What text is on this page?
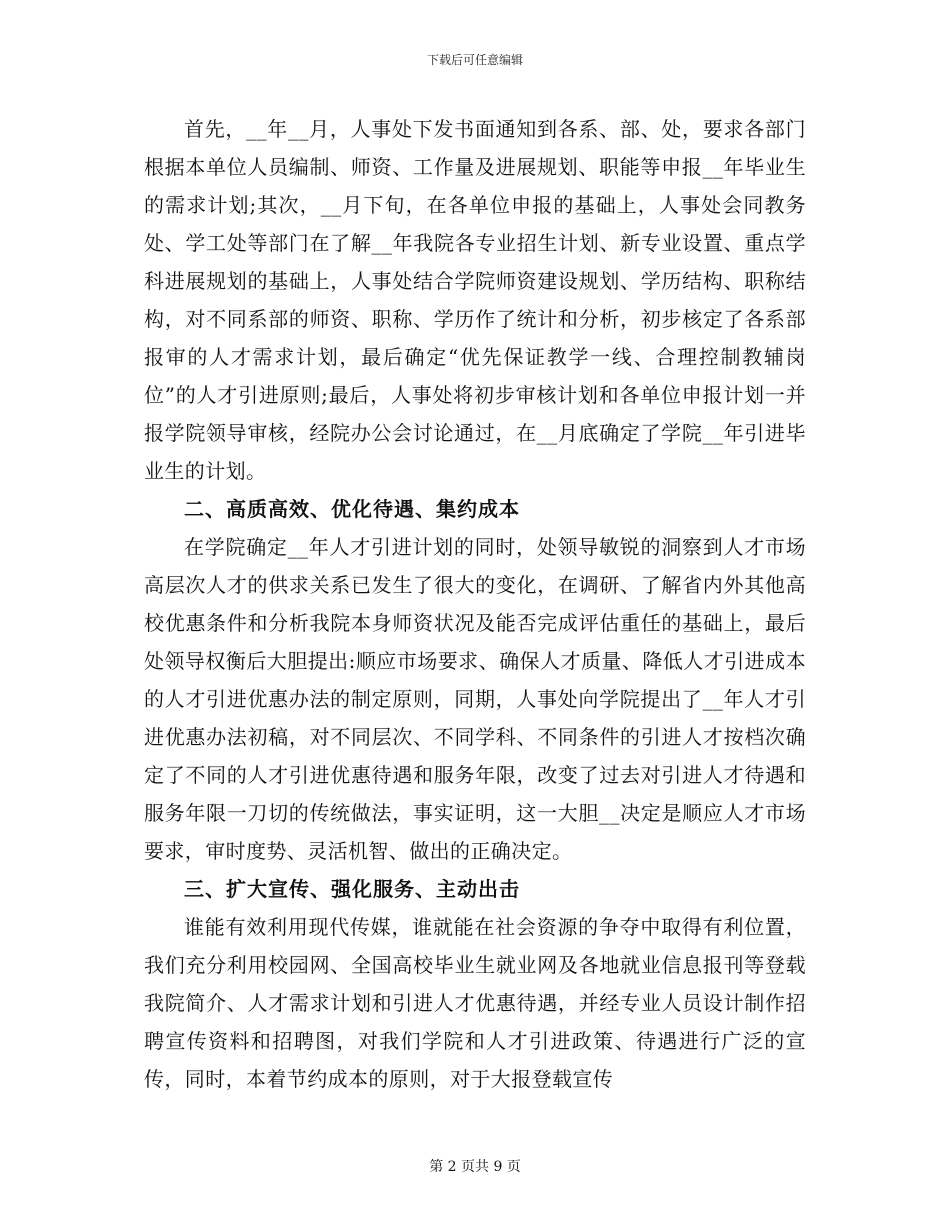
下载后可任意编辑

首先，__年__月，人事处下发书面通知到各系、部、处，要求各部门根据本单位人员编制、师资、工作量及进展规划、职能等申报__年毕业生的需求计划;其次，__月下旬，在各单位申报的基础上，人事处会同教务处、学工处等部门在了解__年我院各专业招生计划、新专业设置、重点学科进展规划的基础上，人事处结合学院师资建设规划、学历结构、职称结构，对不同系部的师资、职称、学历作了统计和分析，初步核定了各系部报审的人才需求计划，最后确定“优先保证教学一线、合理控制教辅岗位”的人才引进原则;最后，人事处将初步审核计划和各单位申报计划一并报学院领导审核，经院办公会讨论通过，在__月底确定了学院__年引进毕业生的计划。

二、高质高效、优化待遇、集约成本

在学院确定__年人才引进计划的同时，处领导敏锐的洞察到人才市场高层次人才的供求关系已发生了很大的变化，在调研、了解省内外其他高校优惠条件和分析我院本身师资状况及能否完成评估重任的基础上，最后处领导权衡后大胆提出:顺应市场要求、确保人才质量、降低人才引进成本的人才引进优惠办法的制定原则，同期，人事处向学院提出了__年人才引进优惠办法初稿，对不同层次、不同学科、不同条件的引进人才按档次确定了不同的人才引进优惠待遇和服务年限，改变了过去对引进人才待遇和服务年限一刀切的传统做法，事实证明，这一大胆__决定是顺应人才市场要求，审时度势、灵活机智、做出的正确决定。

三、扩大宣传、强化服务、主动出击

谁能有效利用现代传媒，谁就能在社会资源的争夺中取得有利位置，我们充分利用校园网、全国高校毕业生就业网及各地就业信息报刊等登载我院简介、人才需求计划和引进人才优惠待遇，并经专业人员设计制作招聘宣传资料和招聘图，对我们学院和人才引进政策、待遇进行广泛的宣传，同时，本着节约成本的原则，对于大报登载宣传

第 2 页共 9 页
